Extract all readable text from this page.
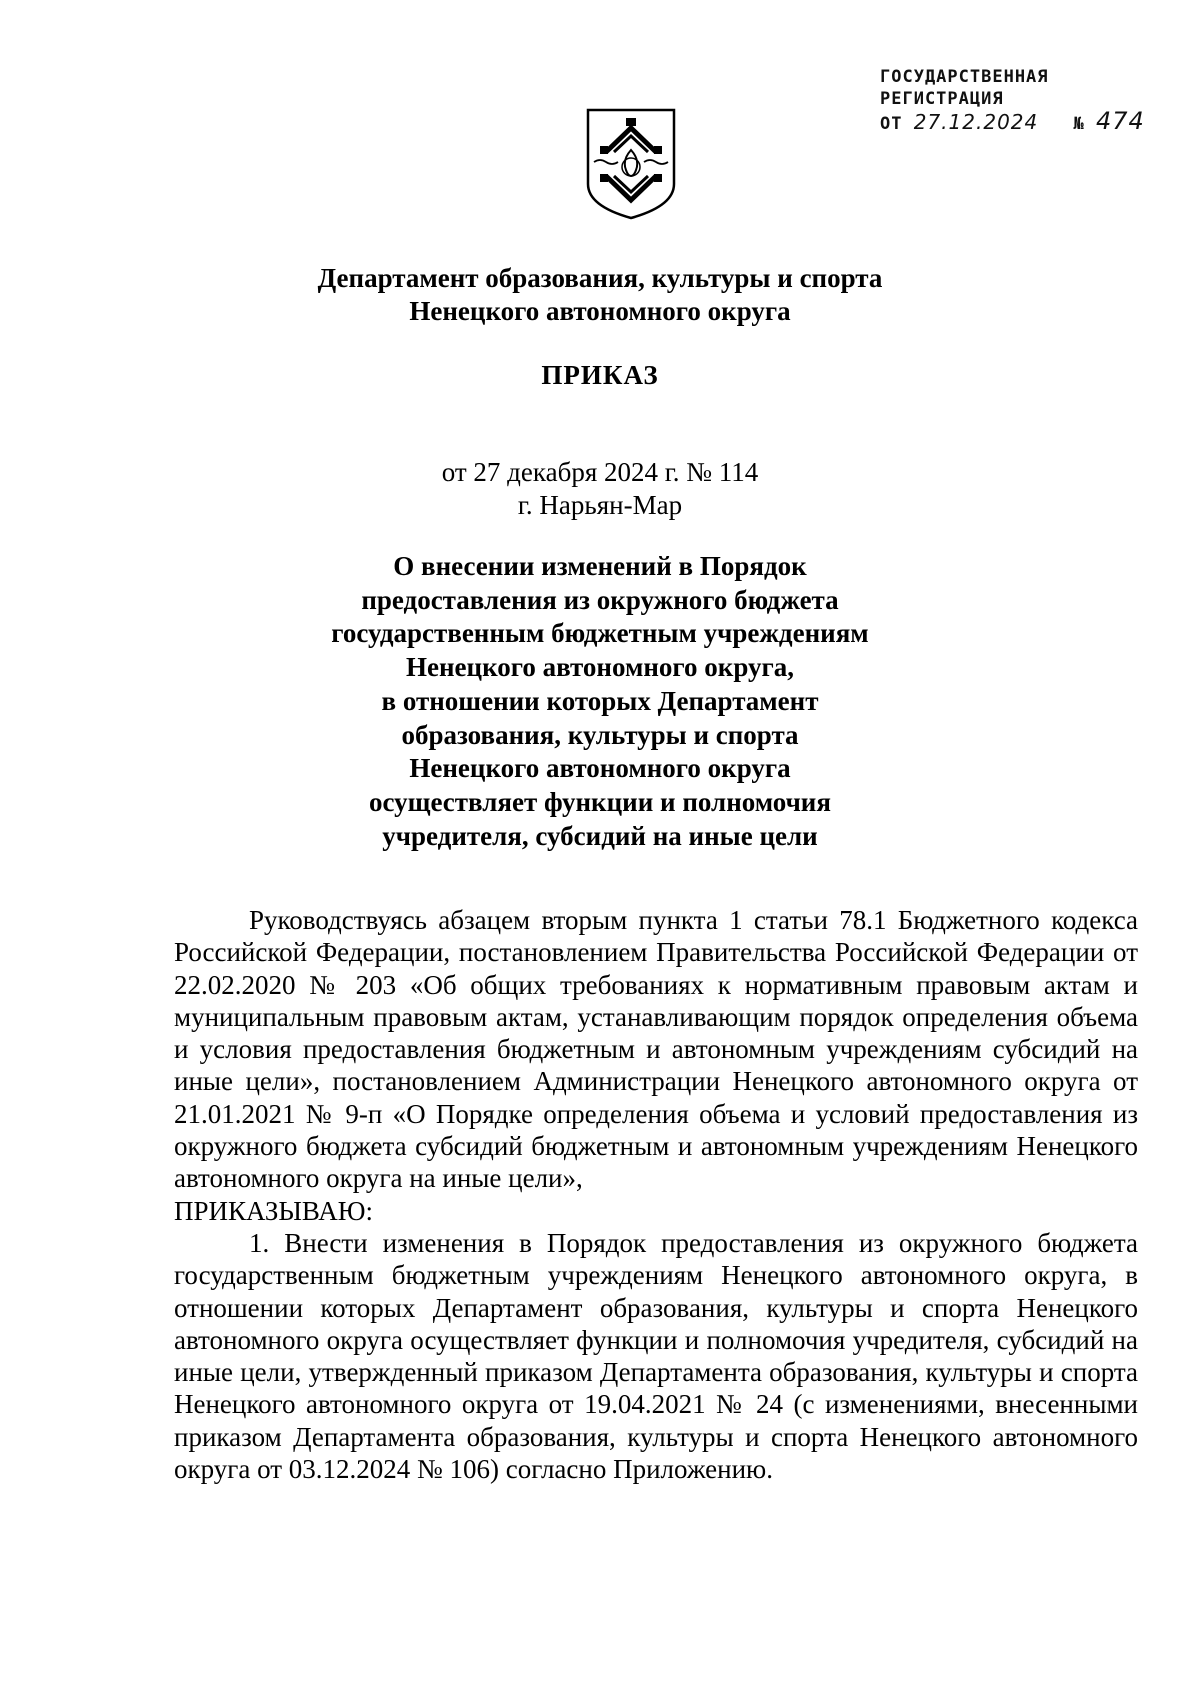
ГОСУДАРСТВЕННАЯ
РЕГИСТРАЦИЯ
ОТ 27.12.2024 № 474
Департамент образования, культуры и спорта
Ненецкого автономного округа
ПРИКАЗ
от 27 декабря 2024 г. № 114
г. Нарьян-Мар
О внесении изменений в Порядок
предоставления из окружного бюджета
государственным бюджетным учреждениям
Ненецкого автономного округа,
в отношении которых Департамент
образования, культуры и спорта
Ненецкого автономного округа
осуществляет функции и полномочия
учредителя, субсидий на иные цели

Руководствуясь абзацем вторым пункта 1 статьи 78.1 Бюджетного кодекса Российской Федерации, постановлением Правительства Российской Федерации от 22.02.2020 № 203 «Об общих требованиях к нормативным правовым актам и муниципальным правовым актам, устанавливающим порядок определения объема и условия предоставления бюджетным и автономным учреждениям субсидий на иные цели», постановлением Администрации Ненецкого автономного округа от 21.01.2021 № 9-п «О Порядке определения объема и условий предоставления из окружного бюджета субсидий бюджетным и автономным учреждениям Ненецкого автономного округа на иные цели»,
ПРИКАЗЫВАЮ:

1. Внести изменения в Порядок предоставления из окружного бюджета государственным бюджетным учреждениям Ненецкого автономного округа, в отношении которых Департамент образования, культуры и спорта Ненецкого автономного округа осуществляет функции и полномочия учредителя, субсидий на иные цели, утвержденный приказом Департамента образования, культуры и спорта Ненецкого автономного округа от 19.04.2021 № 24 (с изменениями, внесенными приказом Департамента образования, культуры и спорта Ненецкого автономного округа от 03.12.2024 № 106) согласно Приложению.
